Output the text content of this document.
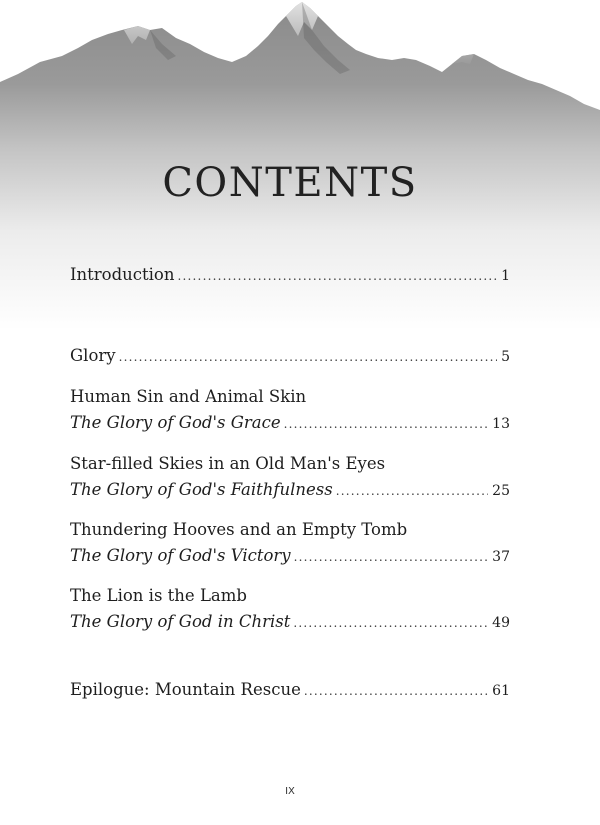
CONTENTS
Introduction .....	1
Glory .....	5
Human Sin and Animal Skin
The Glory of God's Grace .....	13
Star-filled Skies in an Old Man's Eyes
The Glory of God's Faithfulness .....	25
Thundering Hooves and an Empty Tomb
The Glory of God's Victory .....	37
The Lion is the Lamb
The Glory of God in Christ .....	49
Epilogue: Mountain Rescue .....	61
IX
